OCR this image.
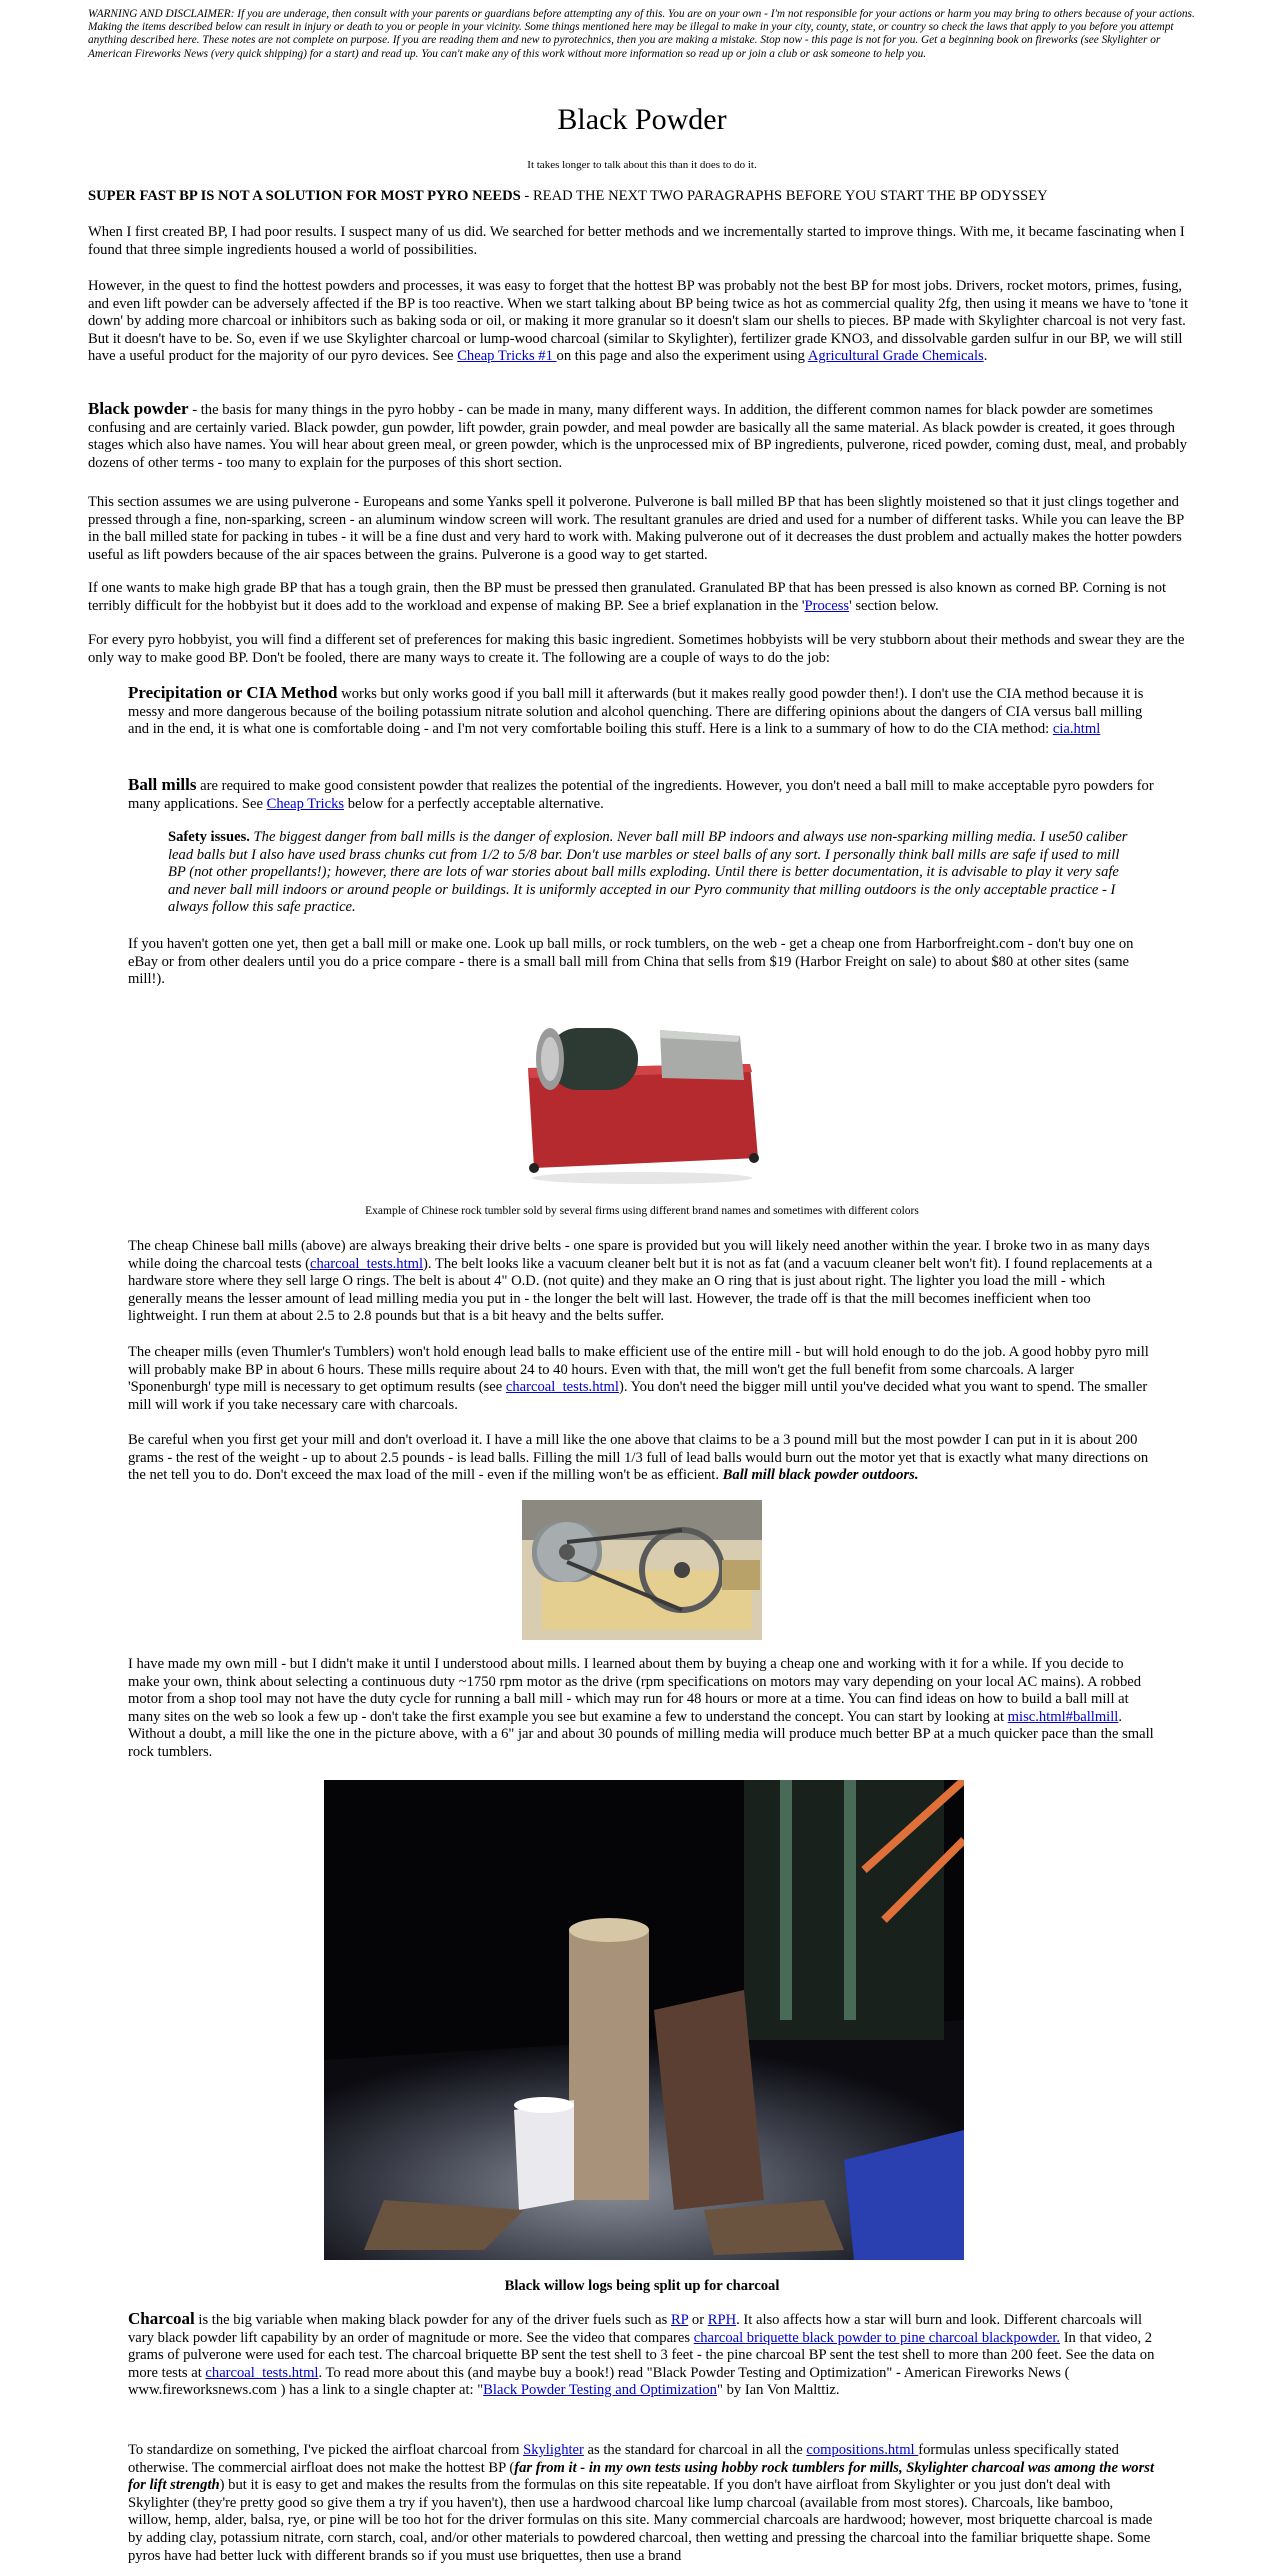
WARNING AND DISCLAIMER: If you are underage, then consult with your parents or guardians before attempting any of this. You are on your own - I'm not responsible for your actions or harm you may bring to others because of your actions. Making the items described below can result in injury or death to you or people in your vicinity. Some things mentioned here may be illegal to make in your city, county, state, or country so check the laws that apply to you before you attempt anything described here. These notes are not complete on purpose. If you are reading them and new to pyrotechnics, then you are making a mistake. Stop now - this page is not for you. Get a beginning book on fireworks (see Skylighter or American Fireworks News (very quick shipping) for a start) and read up. You can't make any of this work without more information so read up or join a club or ask someone to help you.
Black Powder
It takes longer to talk about this than it does to do it.

SUPER FAST BP IS NOT A SOLUTION FOR MOST PYRO NEEDS - READ THE NEXT TWO PARAGRAPHS BEFORE YOU START THE BP ODYSSEY

When I first created BP, I had poor results. I suspect many of us did. We searched for better methods and we incrementally started to improve things. With me, it became fascinating when I found that three simple ingredients housed a world of possibilities.

However, in the quest to find the hottest powders and processes, it was easy to forget that the hottest BP was probably not the best BP for most jobs. Drivers, rocket motors, primes, fusing, and even lift powder can be adversely affected if the BP is too reactive. When we start talking about BP being twice as hot as commercial quality 2fg, then using it means we have to 'tone it down' by adding more charcoal or inhibitors such as baking soda or oil, or making it more granular so it doesn't slam our shells to pieces. BP made with Skylighter charcoal is not very fast. But it doesn't have to be. So, even if we use Skylighter charcoal or lump-wood charcoal (similar to Skylighter), fertilizer grade KNO3, and dissolvable garden sulfur in our BP, we will still have a useful product for the majority of our pyro devices. See Cheap Tricks #1 on this page and also the experiment using Agricultural Grade Chemicals.

Black powder - the basis for many things in the pyro hobby - can be made in many, many different ways. In addition, the different common names for black powder are sometimes confusing and are certainly varied. Black powder, gun powder, lift powder, grain powder, and meal powder are basically all the same material. As black powder is created, it goes through stages which also have names. You will hear about green meal, or green powder, which is the unprocessed mix of BP ingredients, pulverone, riced powder, coming dust, meal, and probably dozens of other terms - too many to explain for the purposes of this short section.

This section assumes we are using pulverone - Europeans and some Yanks spell it polverone. Pulverone is ball milled BP that has been slightly moistened so that it just clings together and pressed through a fine, non-sparking, screen - an aluminum window screen will work. The resultant granules are dried and used for a number of different tasks. While you can leave the BP in the ball milled state for packing in tubes - it will be a fine dust and very hard to work with. Making pulverone out of it decreases the dust problem and actually makes the hotter powders useful as lift powders because of the air spaces between the grains. Pulverone is a good way to get started.

If one wants to make high grade BP that has a tough grain, then the BP must be pressed then granulated. Granulated BP that has been pressed is also known as corned BP. Corning is not terribly difficult for the hobbyist but it does add to the workload and expense of making BP. See a brief explanation in the 'Process' section below.

For every pyro hobbyist, you will find a different set of preferences for making this basic ingredient. Sometimes hobbyists will be very stubborn about their methods and swear they are the only way to make good BP. Don't be fooled, there are many ways to create it. The following are a couple of ways to do the job:

Precipitation or CIA Method works but only works good if you ball mill it afterwards (but it makes really good powder then!). I don't use the CIA method because it is messy and more dangerous because of the boiling potassium nitrate solution and alcohol quenching. There are differing opinions about the dangers of CIA versus ball milling and in the end, it is what one is comfortable doing - and I'm not very comfortable boiling this stuff. Here is a link to a summary of how to do the CIA method: cia.html

Ball mills are required to make good consistent powder that realizes the potential of the ingredients. However, you don't need a ball mill to make acceptable pyro powders for many applications. See Cheap Tricks below for a perfectly acceptable alternative.

Safety issues. The biggest danger from ball mills is the danger of explosion. Never ball mill BP indoors and always use non-sparking milling media. I use50 caliber lead balls but I also have used brass chunks cut from 1/2 to 5/8 bar. Don't use marbles or steel balls of any sort. I personally think ball mills are safe if used to mill BP (not other propellants!); however, there are lots of war stories about ball mills exploding. Until there is better documentation, it is advisable to play it very safe and never ball mill indoors or around people or buildings. It is uniformly accepted in our Pyro community that milling outdoors is the only acceptable practice - I always follow this safe practice.

If you haven't gotten one yet, then get a ball mill or make one. Look up ball mills, or rock tumblers, on the web - get a cheap one from Harborfreight.com - don't buy one on eBay or from other dealers until you do a price compare - there is a small ball mill from China that sells from $19 (Harbor Freight on sale) to about $80 at other sites (same mill!).

Example of Chinese rock tumbler sold by several firms using different brand names and sometimes with different colors

The cheap Chinese ball mills (above) are always breaking their drive belts - one spare is provided but you will likely need another within the year. I broke two in as many days while doing the charcoal tests (charcoal_tests.html). The belt looks like a vacuum cleaner belt but it is not as fat (and a vacuum cleaner belt won't fit). I found replacements at a hardware store where they sell large O rings. The belt is about 4" O.D. (not quite) and they make an O ring that is just about right. The lighter you load the mill - which generally means the lesser amount of lead milling media you put in - the longer the belt will last. However, the trade off is that the mill becomes inefficient when too lightweight. I run them at about 2.5 to 2.8 pounds but that is a bit heavy and the belts suffer.

The cheaper mills (even Thumler's Tumblers) won't hold enough lead balls to make efficient use of the entire mill - but will hold enough to do the job. A good hobby pyro mill will probably make BP in about 6 hours. These mills require about 24 to 40 hours. Even with that, the mill won't get the full benefit from some charcoals. A larger 'Sponenburgh' type mill is necessary to get optimum results (see charcoal_tests.html). You don't need the bigger mill until you've decided what you want to spend. The smaller mill will work if you take necessary care with charcoals.

Be careful when you first get your mill and don't overload it. I have a mill like the one above that claims to be a 3 pound mill but the most powder I can put in it is about 200 grams - the rest of the weight - up to about 2.5 pounds - is lead balls. Filling the mill 1/3 full of lead balls would burn out the motor yet that is exactly what many directions on the net tell you to do. Don't exceed the max load of the mill - even if the milling won't be as efficient. Ball mill black powder outdoors.

I have made my own mill - but I didn't make it until I understood about mills. I learned about them by buying a cheap one and working with it for a while. If you decide to make your own, think about selecting a continuous duty ~1750 rpm motor as the drive (rpm specifications on motors may vary depending on your local AC mains). A robbed motor from a shop tool may not have the duty cycle for running a ball mill - which may run for 48 hours or more at a time. You can find ideas on how to build a ball mill at many sites on the web so look a few up - don't take the first example you see but examine a few to understand the concept. You can start by looking at misc.html#ballmill. Without a doubt, a mill like the one in the picture above, with a 6" jar and about 30 pounds of milling media will produce much better BP at a much quicker pace than the small rock tumblers.

Black willow logs being split up for charcoal

Charcoal is the big variable when making black powder for any of the driver fuels such as RP or RPH. It also affects how a star will burn and look. Different charcoals will vary black powder lift capability by an order of magnitude or more. See the video that compares charcoal briquette black powder to pine charcoal blackpowder. In that video, 2 grams of pulverone were used for each test. The charcoal briquette BP sent the test shell to 3 feet - the pine charcoal BP sent the test shell to more than 200 feet. See the data on more tests at charcoal_tests.html. To read more about this (and maybe buy a book!) read "Black Powder Testing and Optimization" - American Fireworks News ( www.fireworksnews.com ) has a link to a single chapter at: "Black Powder Testing and Optimization" by Ian Von Malttiz.

To standardize on something, I've picked the airfloat charcoal from Skylighter as the standard for charcoal in all the compositions.html formulas unless specifically stated otherwise. The commercial airfloat does not make the hottest BP (far from it - in my own tests using hobby rock tumblers for mills, Skylighter charcoal was among the worst for lift strength) but it is easy to get and makes the results from the formulas on this site repeatable. If you don't have airfloat from Skylighter or you just don't deal with Skylighter (they're pretty good so give them a try if you haven't), then use a hardwood charcoal like lump charcoal (available from most stores). Charcoals, like bamboo, willow, hemp, alder, balsa, rye, or pine will be too hot for the driver formulas on this site. Many commercial charcoals are hardwood; however, most briquette charcoal is made by adding clay, potassium nitrate, corn starch, coal, and/or other materials to powdered charcoal, then wetting and pressing the charcoal into the familiar briquette shape. Some pyros have had better luck with different brands so if you must use briquettes, then use a brand
